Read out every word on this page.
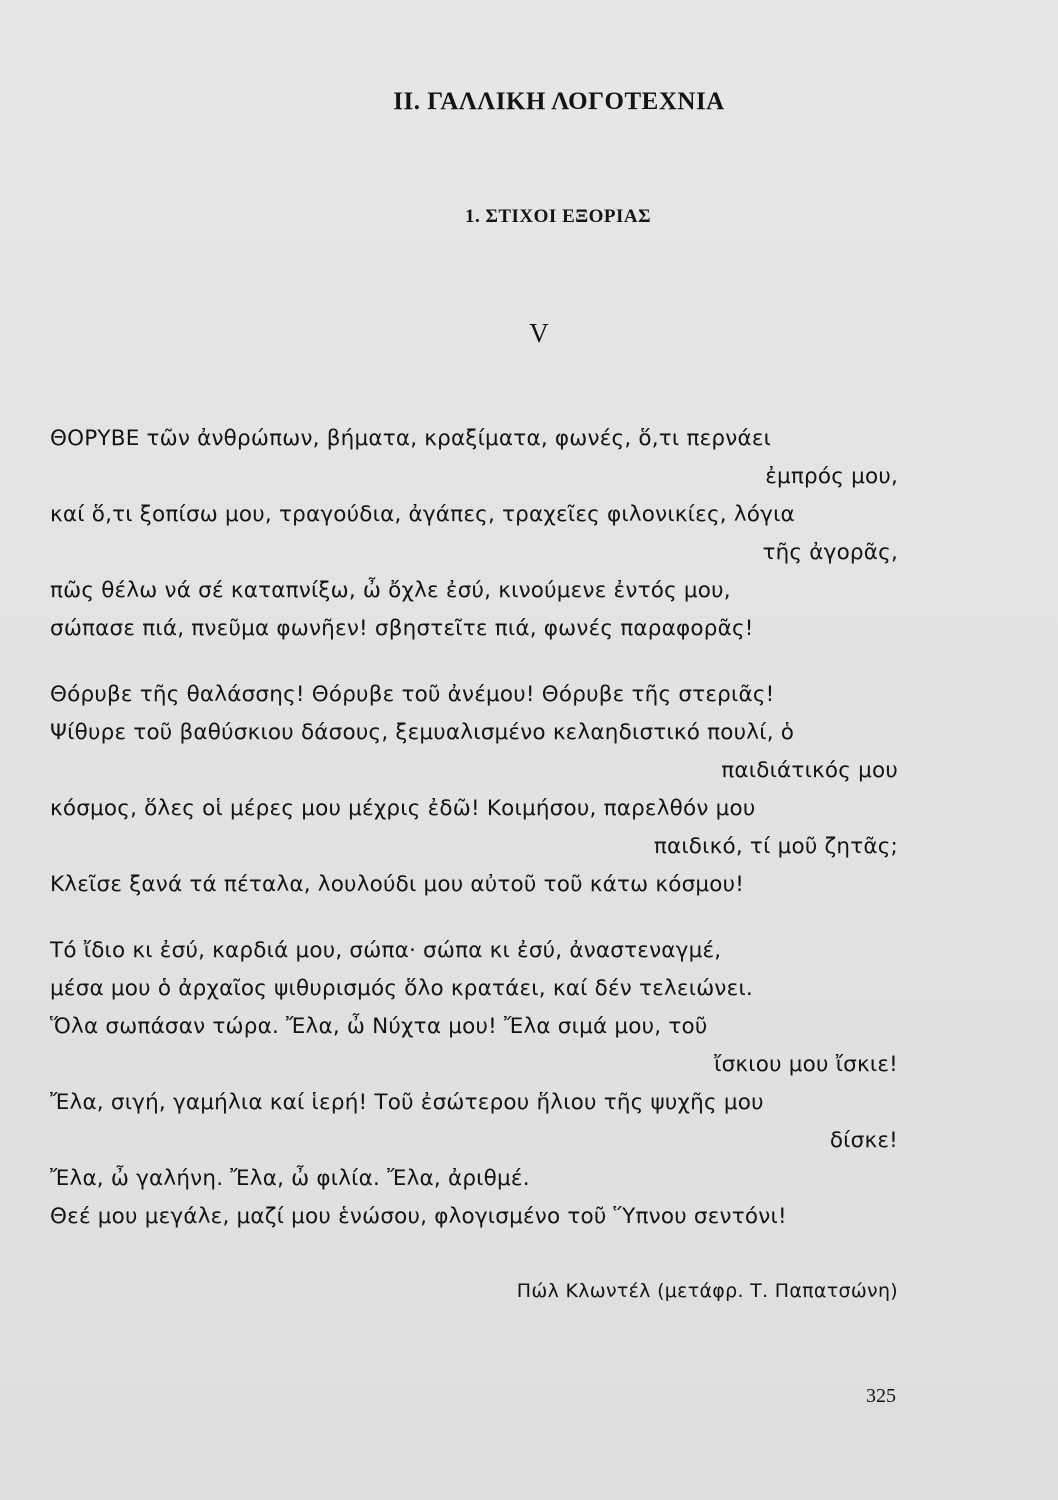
ΙΙ. ΓΑΛΛΙΚΗ ΛΟΓΟΤΕΧΝΙΑ
1. ΣΤΙΧΟΙ ΕΞΟΡΙΑΣ
V
ΘΟΡΥΒΕ τῶν ἀνθρώπων, βήματα, κραξίματα, φωνές, ὅ,τι περνάει
ἐμπρός μου,
καί ὅ,τι ξοπίσω μου, τραγούδια, ἀγάπες, τραχεῖες φιλονικίες, λόγια
τῆς ἀγορᾶς,
πῶς θέλω νά σέ καταπνίξω, ὦ ὄχλε ἐσύ, κινούμενε ἐντός μου,
σώπασε πιά, πνεῦμα φωνῆεν! σβηστεῖτε πιά, φωνές παραφορᾶς!
Θόρυβε τῆς θαλάσσης! Θόρυβε τοῦ ἀνέμου! Θόρυβε τῆς στεριᾶς!
Ψίθυρε τοῦ βαθύσκιου δάσους, ξεμυαλισμένο κελαηδιστικό πουλί, ὁ
παιδιάτικός μου
κόσμος, ὅλες οἱ μέρες μου μέχρις ἐδῶ! Κοιμήσου, παρελθόν μου
παιδικό, τί μοῦ ζητᾶς;
Κλεῖσε ξανά τά πέταλα, λουλούδι μου αὐτοῦ τοῦ κάτω κόσμου!
Τό ἴδιο κι ἐσύ, καρδιά μου, σώπα· σώπα κι ἐσύ, ἀναστεναγμέ,
μέσα μου ὁ ἀρχαῖος ψιθυρισμός ὅλο κρατάει, καί δέν τελειώνει.
Ὅλα σωπάσαν τώρα. Ἔλα, ὦ Νύχτα μου! Ἔλα σιμά μου, τοῦ
ἴσκιου μου ἴσκιε!
Ἔλα, σιγή, γαμήλια καί ἱερή! Τοῦ ἐσώτερου ἥλιου τῆς ψυχῆς μου
δίσκε!
Ἔλα, ὦ γαλήνη. Ἔλα, ὦ φιλία. Ἔλα, ἀριθμέ.
Θεέ μου μεγάλε, μαζί μου ἑνώσου, φλογισμένο τοῦ Ὕπνου σεντόνι!
Πώλ Κλωντέλ (μετάφρ. Τ. Παπατσώνη)
325
